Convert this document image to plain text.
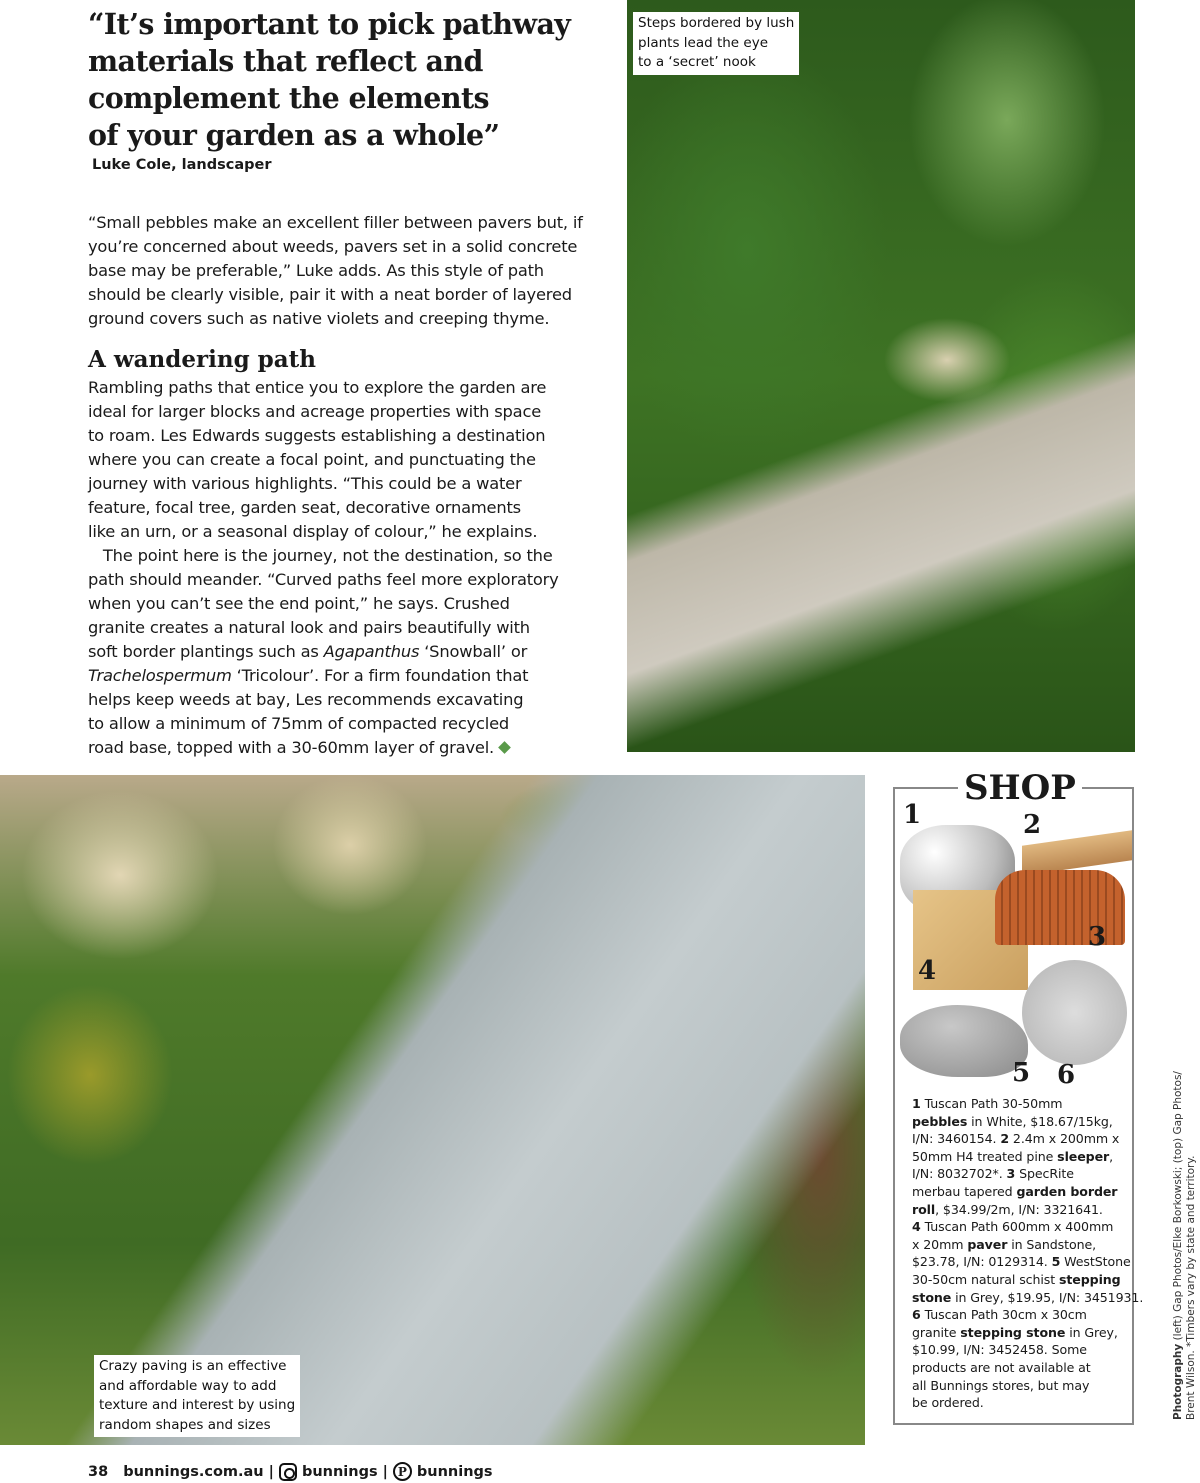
“It’s important to pick pathway
materials that reflect and
complement the elements
of your garden as a whole”
Luke Cole, landscaper
“Small pebbles make an excellent filler between pavers but, if
you’re concerned about weeds, pavers set in a solid concrete
base may be preferable,” Luke adds. As this style of path
should be clearly visible, pair it with a neat border of layered
ground covers such as native violets and creeping thyme.
A wandering path
Rambling paths that entice you to explore the garden are
ideal for larger blocks and acreage properties with space
to roam. Les Edwards suggests establishing a destination
where you can create a focal point, and punctuating the
journey with various highlights. “This could be a water
feature, focal tree, garden seat, decorative ornaments
like an urn, or a seasonal display of colour,” he explains.
The point here is the journey, not the destination, so the
path should meander. “Curved paths feel more exploratory
when you can’t see the end point,” he says. Crushed
granite creates a natural look and pairs beautifully with
soft border plantings such as Agapanthus ‘Snowball’ or
Trachelospermum ‘Tricolour’. For a firm foundation that
helps keep weeds at bay, Les recommends excavating
to allow a minimum of 75mm of compacted recycled
road base, topped with a 30-60mm layer of gravel.
Steps bordered by lush
plants lead the eye
to a ‘secret’ nook
Crazy paving is an effective
and affordable way to add
texture and interest by using
random shapes and sizes
SHOP
1	2
3
4
5 6
1 Tuscan Path 30-50mm
pebbles in White, $18.67/15kg,
I/N: 3460154. 2 2.4m x 200mm x
50mm H4 treated pine sleeper,
I/N: 8032702*. 3 SpecRite
merbau tapered garden border
roll, $34.99/2m, I/N: 3321641.
4 Tuscan Path 600mm x 400mm
x 20mm paver in Sandstone,
$23.78, I/N: 0129314. 5 WestStone
30-50cm natural schist stepping
stone in Grey, $19.95, I/N: 3451931.
6 Tuscan Path 30cm x 30cm
granite stepping stone in Grey,
$10.99, I/N: 3452458. Some
products are not available at
all Bunnings stores, but may
be ordered.	Photography (left) Gap Photos/Elke Borkowski; (top) Gap Photos/ Brent Wilson. *Timbers vary by state and territory.
38 bunnings.com.au | bunnings | P bunnings
